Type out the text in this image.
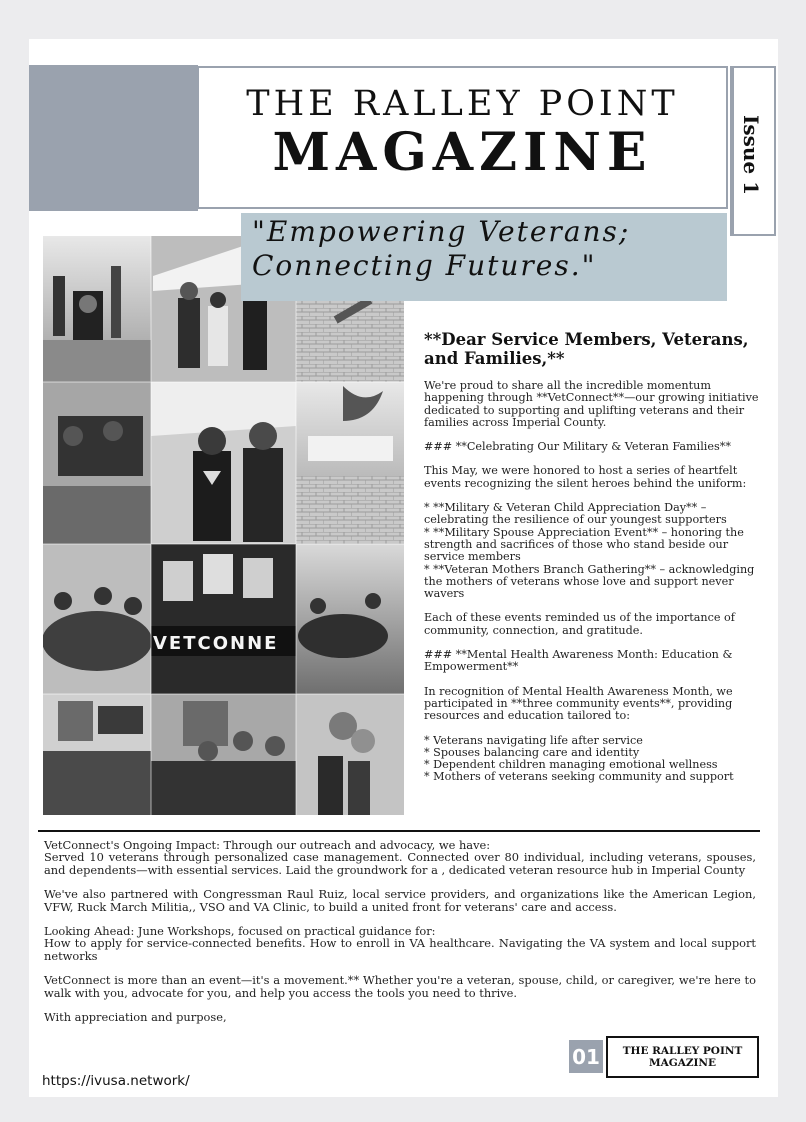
THE RALLEY POINT
MAGAZINE	Issue 1
VETCONNE
"Empowering Veterans;
Connecting Futures."
**Dear Service Members, Veterans, and Families,**

We're proud to share all the incredible momentum happening through **VetConnect**—our growing initiative dedicated to supporting and uplifting veterans and their families across Imperial County.

### **Celebrating Our Military & Veteran Families**

This May, we were honored to host a series of heartfelt events recognizing the silent heroes behind the uniform:

* **Military & Veteran Child Appreciation Day** – celebrating the resilience of our youngest supporters

* **Military Spouse Appreciation Event** – honoring the strength and sacrifices of those who stand beside our service members

* **Veteran Mothers Branch Gathering** – acknowledging the mothers of veterans whose love and support never wavers

Each of these events reminded us of the importance of community, connection, and gratitude.

### **Mental Health Awareness Month: Education & Empowerment**

In recognition of Mental Health Awareness Month, we participated in **three community events**, providing resources and education tailored to:

* Veterans navigating life after service

* Spouses balancing care and identity

* Dependent children managing emotional wellness

* Mothers of veterans seeking community and support

VetConnect's Ongoing Impact: Through our outreach and advocacy, we have:
Served 10 veterans through personalized case management. Connected over 80 individual, including veterans, spouses, and dependents—with essential services. Laid the groundwork for a , dedicated veteran resource hub in Imperial County

We've also partnered with Congressman Raul Ruiz, local service providers, and organizations like the American Legion, VFW, Ruck March Militia,, VSO and VA Clinic, to build a united front for veterans' care and access.

Looking Ahead: June Workshops, focused on practical guidance for:
How to apply for service-connected benefits. How to enroll in VA healthcare. Navigating the VA system and local support networks

VetConnect is more than an event—it's a movement.** Whether you're a veteran, spouse, child, or caregiver, we're here to walk with you, advocate for you, and help you access the tools you need to thrive.

With appreciation and purpose,

https://ivusa.network/
01 THE RALLEY POINT
MAGAZINE
